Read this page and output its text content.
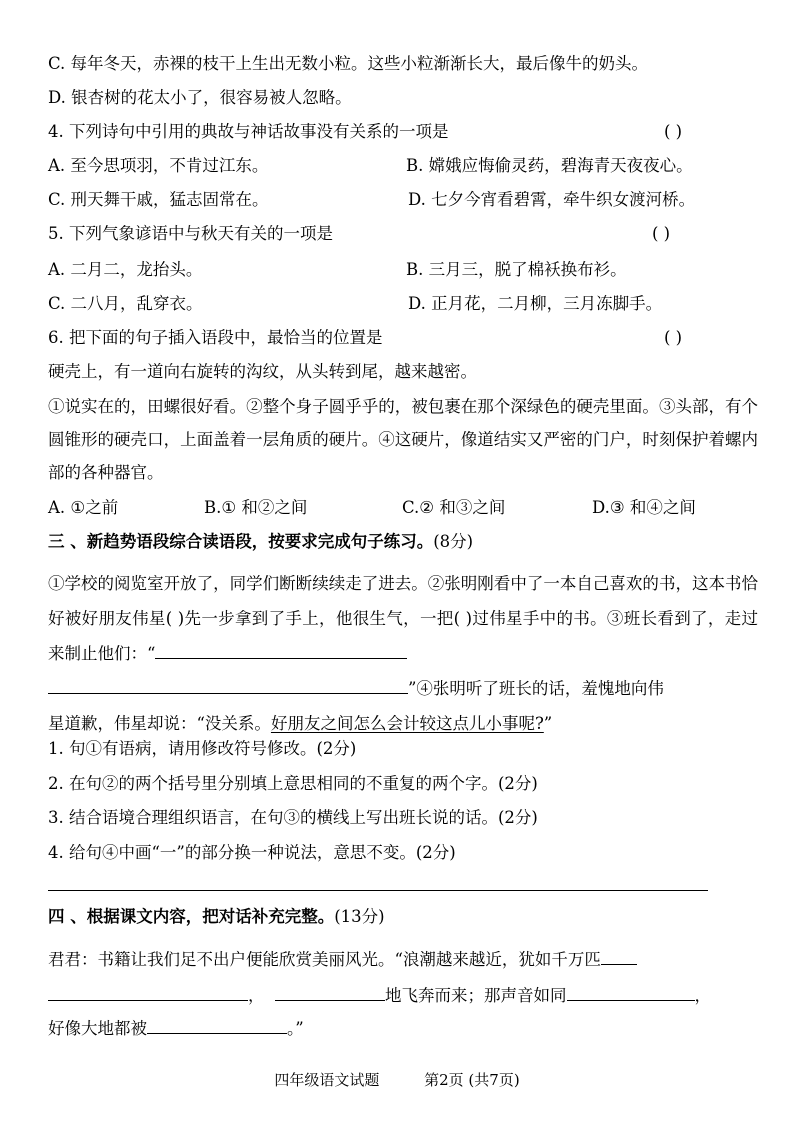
C. 每年冬天，赤裸的枝干上生出无数小粒。这些小粒渐渐长大，最后像牛的奶头。
D. 银杏树的花太小了，很容易被人忽略。
4. 下列诗句中引用的典故与神话故事没有关系的一项是	( )
A. 至今思项羽，不肯过江东。	B. 嫦娥应悔偷灵药，碧海青天夜夜心。
C. 刑天舞干戚，猛志固常在。	D. 七夕今宵看碧霄，牵牛织女渡河桥。
5. 下列气象谚语中与秋天有关的一项是	( )
A. 二月二，龙抬头。	B. 三月三，脱了棉袄换布衫。
C. 二八月，乱穿衣。	D. 正月花，二月柳，三月冻脚手。
6. 把下面的句子插入语段中，最恰当的位置是	( )
硬壳上，有一道向右旋转的沟纹，从头转到尾，越来越密。
①说实在的，田螺很好看。②整个身子圆乎乎的，被包裹在那个深绿色的硬壳里面。③头部，有个圆锥形的硬壳口，上面盖着一层角质的硬片。④这硬片，像道结实又严密的门户，时刻保护着螺内部的各种器官。
A. ①之前	B.① 和②之间	C.② 和③之间	D.③ 和④之间
三 、新趋势语段综合读语段，按要求完成句子练习。(8分)
①学校的阅览室开放了，同学们断断续续走了进去。②张明刚看中了一本自己喜欢的书，这本书恰好被好朋友伟星( )先一步拿到了手上，他很生气，一把( )过伟星手中的书。③班长看到了，走过来制止他们：“
”④张明听了班长的话，羞愧地向伟
星道歉，伟星却说：“没关系。好朋友之间怎么会计较这点儿小事呢?”
1. 句①有语病，请用修改符号修改。(2分)
2. 在句②的两个括号里分别填上意思相同的不重复的两个字。(2分)
3. 结合语境合理组织语言，在句③的横线上写出班长说的话。(2分)
4. 给句④中画“一”的部分换一种说法，意思不变。(2分)
四 、根据课文内容，把对话补充完整。(13分)
君君：书籍让我们足不出户便能欣赏美丽风光。“浪潮越来越近，犹如千万匹
，	地飞奔而来；那声音如同	，
好像大地都被	。”
四年级语文试题	第2页 (共7页)
